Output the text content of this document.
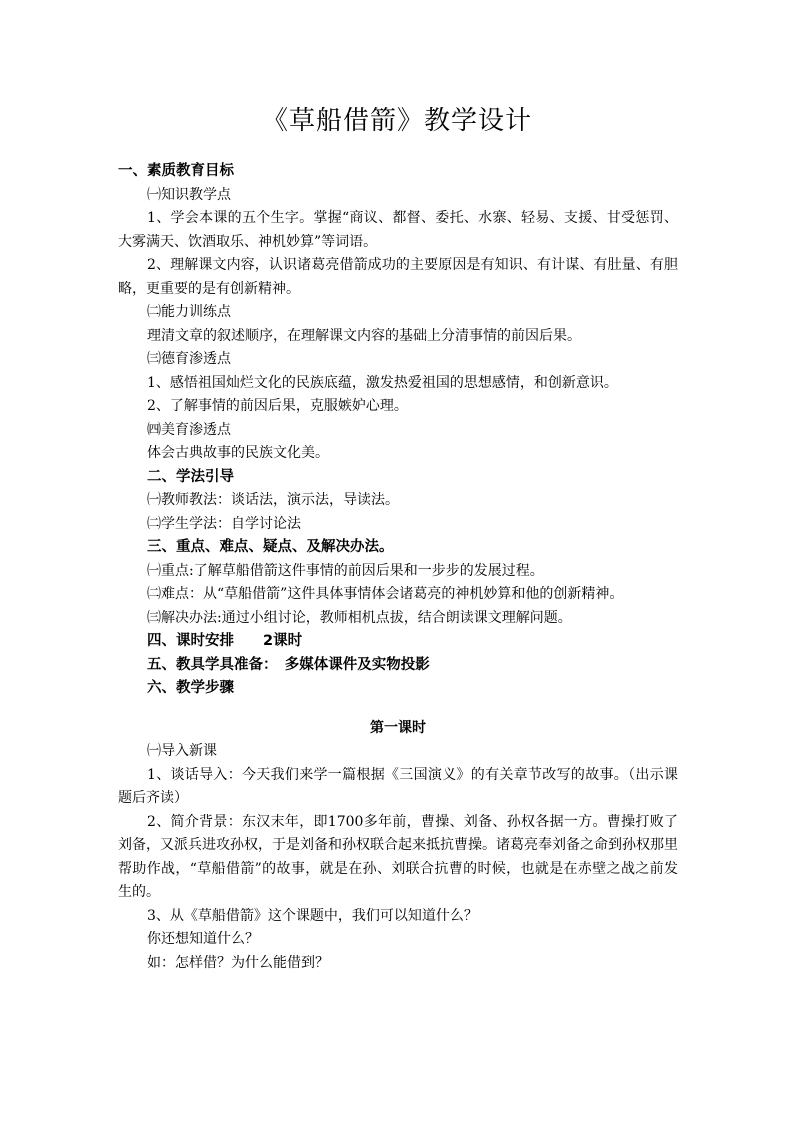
《草船借箭》教学设计

一、素质教育目标

㈠知识教学点

1、学会本课的五个生字。掌握“商议、都督、委托、水寨、轻易、支援、甘受惩罚、大雾满天、饮酒取乐、神机妙算”等词语。

2、理解课文内容，认识诸葛亮借箭成功的主要原因是有知识、有计谋、有肚量、有胆略，更重要的是有创新精神。

㈡能力训练点

理清文章的叙述顺序，在理解课文内容的基础上分清事情的前因后果。

㈢德育渗透点

1、感悟祖国灿烂文化的民族底蕴，激发热爱祖国的思想感情，和创新意识。

2、了解事情的前因后果，克服嫉妒心理。

㈣美育渗透点

体会古典故事的民族文化美。

二、学法引导

㈠教师教法：谈话法，演示法，导读法。

㈡学生学法：自学讨论法

三、重点、难点、疑点、及解决办法。

㈠重点:了解草船借箭这件事情的前因后果和一步步的发展过程。

㈡难点：从“草船借箭”这件具体事情体会诸葛亮的神机妙算和他的创新精神。

㈢解决办法:通过小组讨论，教师相机点拔，结合朗读课文理解问题。

四、课时安排　　2课时

五、教具学具准备：　多媒体课件及实物投影

六、教学步骤

第一课时

㈠导入新课

1、谈话导入：今天我们来学一篇根据《三国演义》的有关章节改写的故事。（出示课题后齐读）

2、简介背景：东汉末年，即1700多年前，曹操、刘备、孙权各据一方。曹操打败了刘备，又派兵进攻孙权，于是刘备和孙权联合起来抵抗曹操。诸葛亮奉刘备之命到孙权那里帮助作战，“草船借箭”的故事，就是在孙、刘联合抗曹的时候，也就是在赤壁之战之前发生的。

3、从《草船借箭》这个课题中，我们可以知道什么？

你还想知道什么？

如：怎样借？为什么能借到？
